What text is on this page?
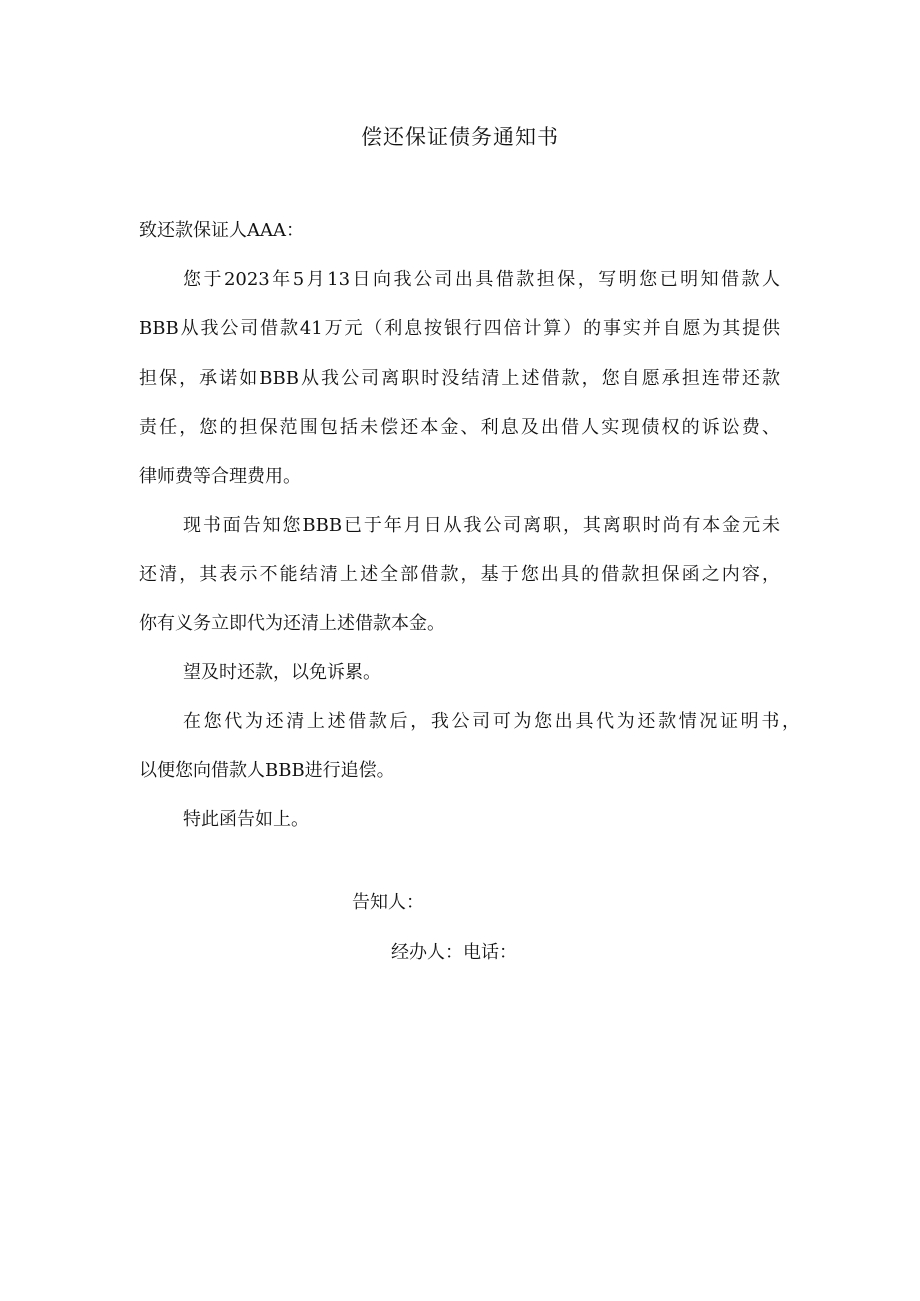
偿还保证债务通知书
致还款保证人AAA：
您于2023年5月13日向我公司出具借款担保，写明您已明知借款人
BBB从我公司借款41万元（利息按银行四倍计算）的事实并自愿为其提供
担保，承诺如BBB从我公司离职时没结清上述借款，您自愿承担连带还款
责任，您的担保范围包括未偿还本金、利息及出借人实现债权的诉讼费、
律师费等合理费用。
现书面告知您BBB已于年月日从我公司离职，其离职时尚有本金元未
还清，其表示不能结清上述全部借款，基于您出具的借款担保函之内容，
你有义务立即代为还清上述借款本金。
望及时还款，以免诉累。
在您代为还清上述借款后，我公司可为您出具代为还款情况证明书，
以便您向借款人BBB进行追偿。
特此函告如上。
告知人：
经办人：电话：
